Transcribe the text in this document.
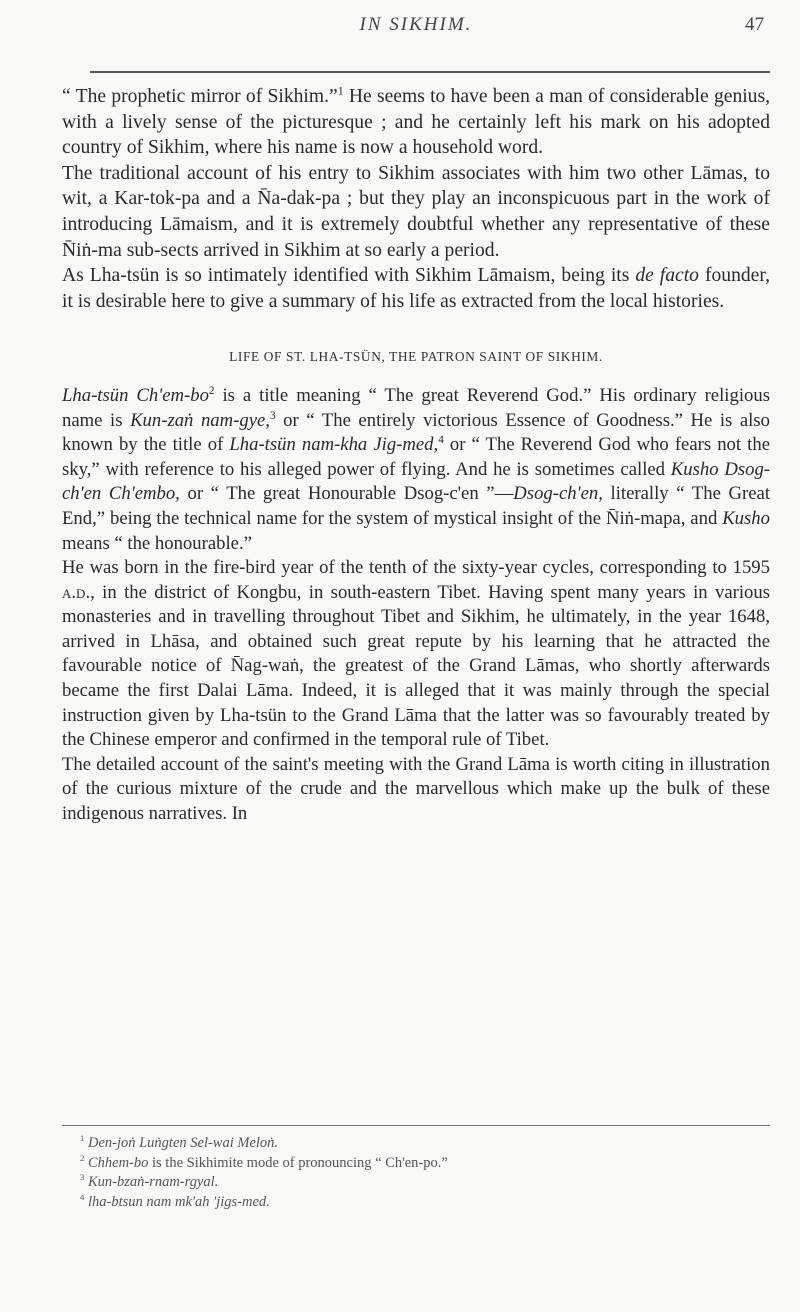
IN SIKHIM.	47

“ The prophetic mirror of Sikhim.”$^1$ He seems to have been a man of considerable genius, with a lively sense of the picturesque ; and he certainly left his mark on his adopted country of Sikhim, where his name is now a household word.

The traditional account of his entry to Sikhim associates with him two other Lāmas, to wit, a Kar-tok-pa and a N̄a-dak-pa ; but they play an inconspicuous part in the work of introducing Lāmaism, and it is extremely doubtful whether any representative of these N̄iṅ-ma sub-sects arrived in Sikhim at so early a period.

As Lha-tsün is so intimately identified with Sikhim Lāmaism, being its de facto founder, it is desirable here to give a summary of his life as extracted from the local histories.

LIFE OF ST. LHA-TSÜN, THE PATRON SAINT OF SIKHIM.

Lha-tsün $Ch'em-bo^2$ is a title meaning “ The great Reverend God.” His ordinary religious name is Kun-zaṅ nam-gye,$^3$ or “ The entirely victorious Essence of Goodness.” He is also known by the title of Lha-tsün nam-kha Jig-med,$^4$ or “ The Reverend God who fears not the sky,” with reference to his alleged power of flying. And he is sometimes called Kusho Dsog-ch'en Ch'embo, or “ The great Honourable Dsog-c'en ”—Dsog-ch'en, literally “ The Great End,” being the technical name for the system of mystical insight of the N̄iṅ-mapa, and Kusho means “ the honourable.”

He was born in the fire-bird year of the tenth of the sixty-year cycles, corresponding to 1595 a.d., in the district of Kongbu, in south-eastern Tibet. Having spent many years in various monasteries and in travelling throughout Tibet and Sikhim, he ultimately, in the year 1648, arrived in Lhāsa, and obtained such great repute by his learning that he attracted the favourable notice of N̄ag-waṅ, the greatest of the Grand Lāmas, who shortly afterwards became the first Dalai Lāma. Indeed, it is alleged that it was mainly through the special instruction given by Lha-tsün to the Grand Lāma that the latter was so favourably treated by the Chinese emperor and confirmed in the temporal rule of Tibet.

The detailed account of the saint's meeting with the Grand Lāma is worth citing in illustration of the curious mixture of the crude and the marvellous which make up the bulk of these indigenous narratives. In

$^1$ Den-joṅ Luṅgten Sel-wai Meloṅ.
$^2$ Chhem-bo is the Sikhimite mode of pronouncing “ Ch'en-po.”
$^3$ Kun-bzaṅ-rnam-rgyal.
$^4$ lha-btsun nam mk'ah 'jigs-med.
